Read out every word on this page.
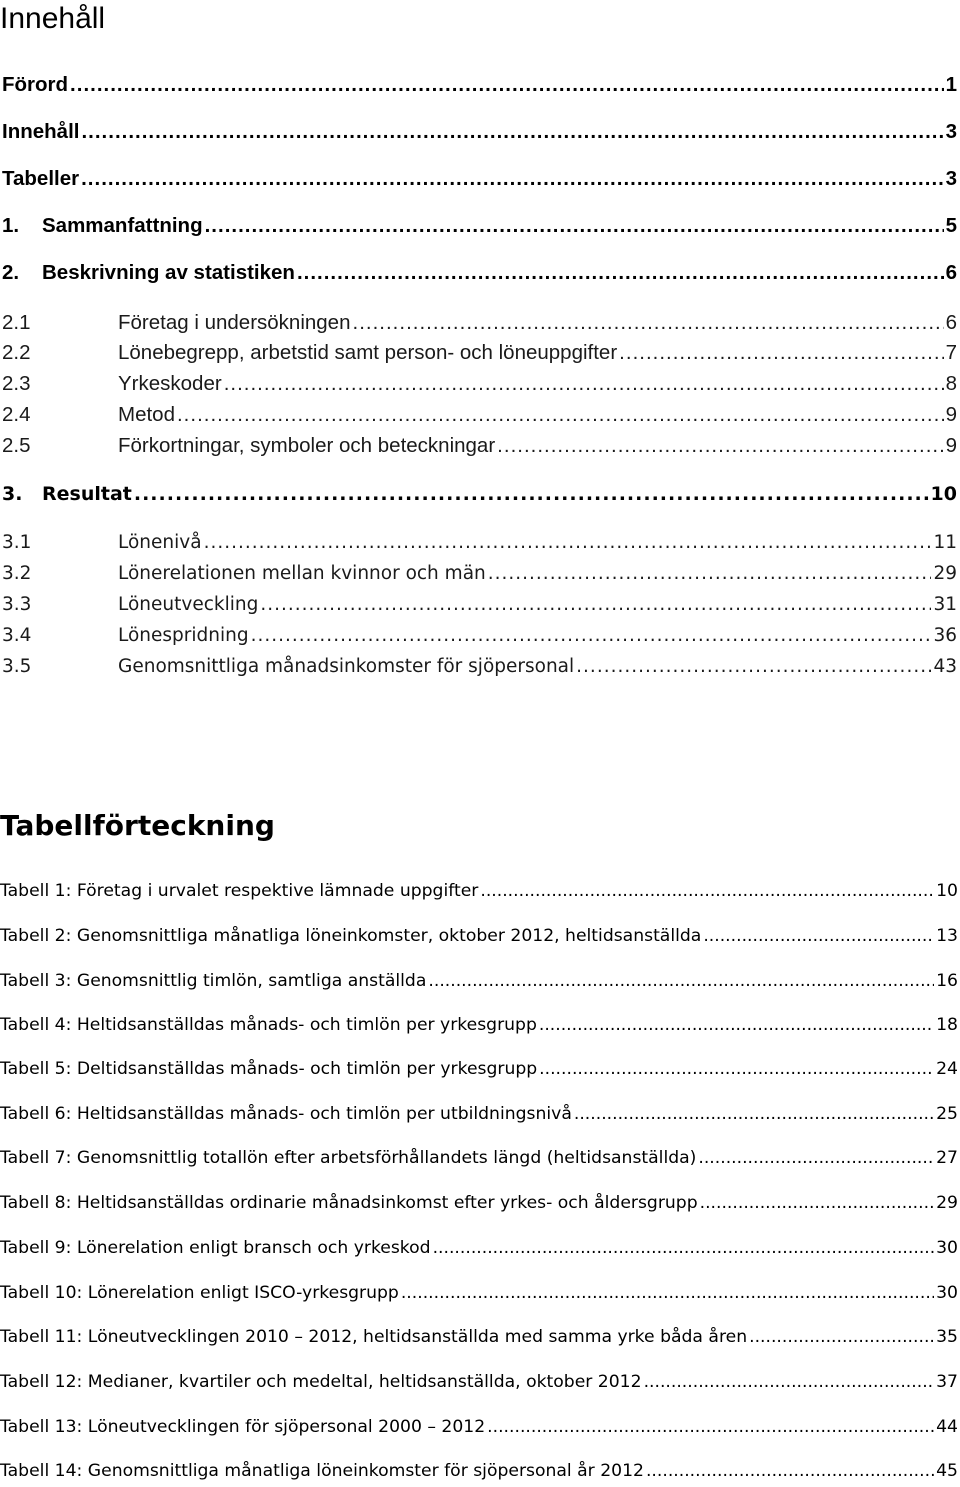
Innehåll
Förord .....	1
Innehåll .....	3
Tabeller .....	3
1.	Sammanfattning .....	5
2.	Beskrivning av statistiken .....	6
2.1	Företag i undersökningen .....	6
2.2	Lönebegrepp, arbetstid samt person- och löneuppgifter .....	7
2.3	Yrkeskoder .....	8
2.4	Metod .....	9
2.5	Förkortningar, symboler och beteckningar .....	9
3.	Resultat .....	10
3.1	Lönenivå .....	11
3.2	Lönerelationen mellan kvinnor och män .....	29
3.3	Löneutveckling .....	31
3.4	Lönespridning .....	36
3.5	Genomsnittliga månadsinkomster för sjöpersonal .....	43
Tabellförteckning
Tabell 1: Företag i urvalet respektive lämnade uppgifter .....	10
Tabell 2: Genomsnittliga månatliga löneinkomster, oktober 2012, heltidsanställda .....	13
Tabell 3: Genomsnittlig timlön, samtliga anställda .....	16
Tabell 4: Heltidsanställdas månads- och timlön per yrkesgrupp .....	18
Tabell 5: Deltidsanställdas månads- och timlön per yrkesgrupp .....	24
Tabell 6: Heltidsanställdas månads- och timlön per utbildningsnivå .....	25
Tabell 7: Genomsnittlig totallön efter arbetsförhållandets längd (heltidsanställda) .....	27
Tabell 8: Heltidsanställdas ordinarie månadsinkomst efter yrkes- och åldersgrupp .....	29
Tabell 9: Lönerelation enligt bransch och yrkeskod .....	30
Tabell 10: Lönerelation enligt ISCO-yrkesgrupp .....	30
Tabell 11: Löneutvecklingen 2010 – 2012, heltidsanställda med samma yrke båda åren .....	35
Tabell 12: Medianer, kvartiler och medeltal, heltidsanställda, oktober 2012 .....	37
Tabell 13: Löneutvecklingen för sjöpersonal 2000 – 2012 .....	44
Tabell 14: Genomsnittliga månatliga löneinkomster för sjöpersonal år 2012 .....	45
